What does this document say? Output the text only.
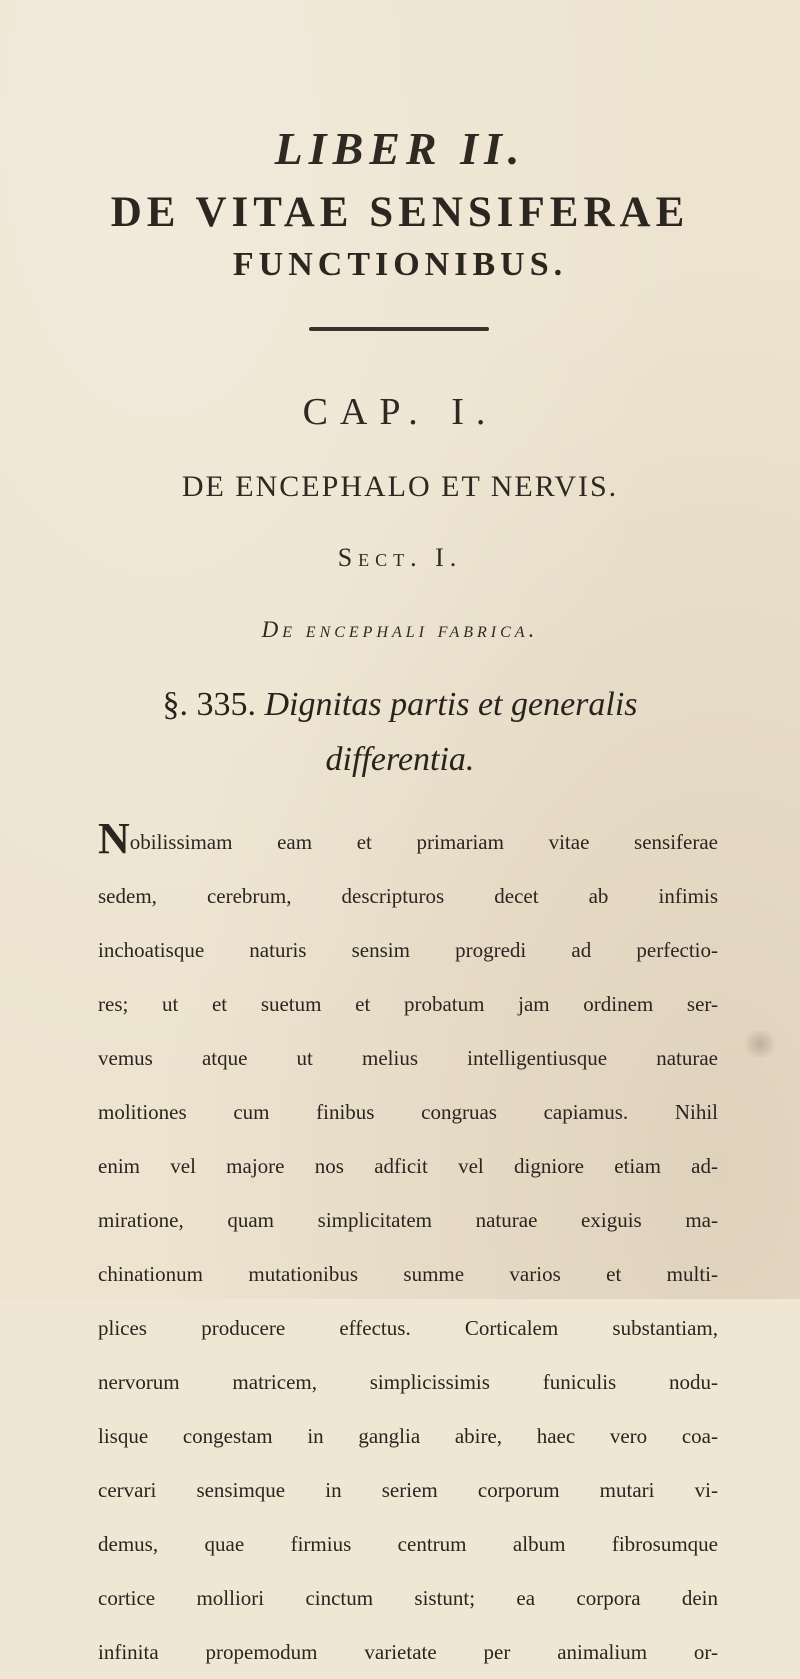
LIBER II.
DE VITAE SENSIFERAE
FUNCTIONIBUS.
CAP. I.
DE ENCEPHALO ET NERVIS.
Sect. I.
De encephali fabrica.
§. 335. Dignitas partis et generalis
differentia.
Nobilissimam eam et primariam vitae sensiferae
sedem, cerebrum, descripturos decet ab infimis
inchoatisque naturis sensim progredi ad perfectio-
res; ut et suetum et probatum jam ordinem ser-
vemus atque ut melius intelligentiusque naturae
molitiones cum finibus congruas capiamus. Nihil
enim vel majore nos adficit vel digniore etiam ad-
miratione, quam simplicitatem naturae exiguis ma-
chinationum mutationibus summe varios et multi-
plices producere effectus. Corticalem substantiam,
nervorum matricem, simplicissimis funiculis nodu-
lisque congestam in ganglia abire, haec vero coa-
cervari sensimque in seriem corporum mutari vi-
demus, quae firmius centrum album fibrosumque
cortice molliori cinctum sistunt; ea corpora dein
infinita propemodum varietate per animalium or-
